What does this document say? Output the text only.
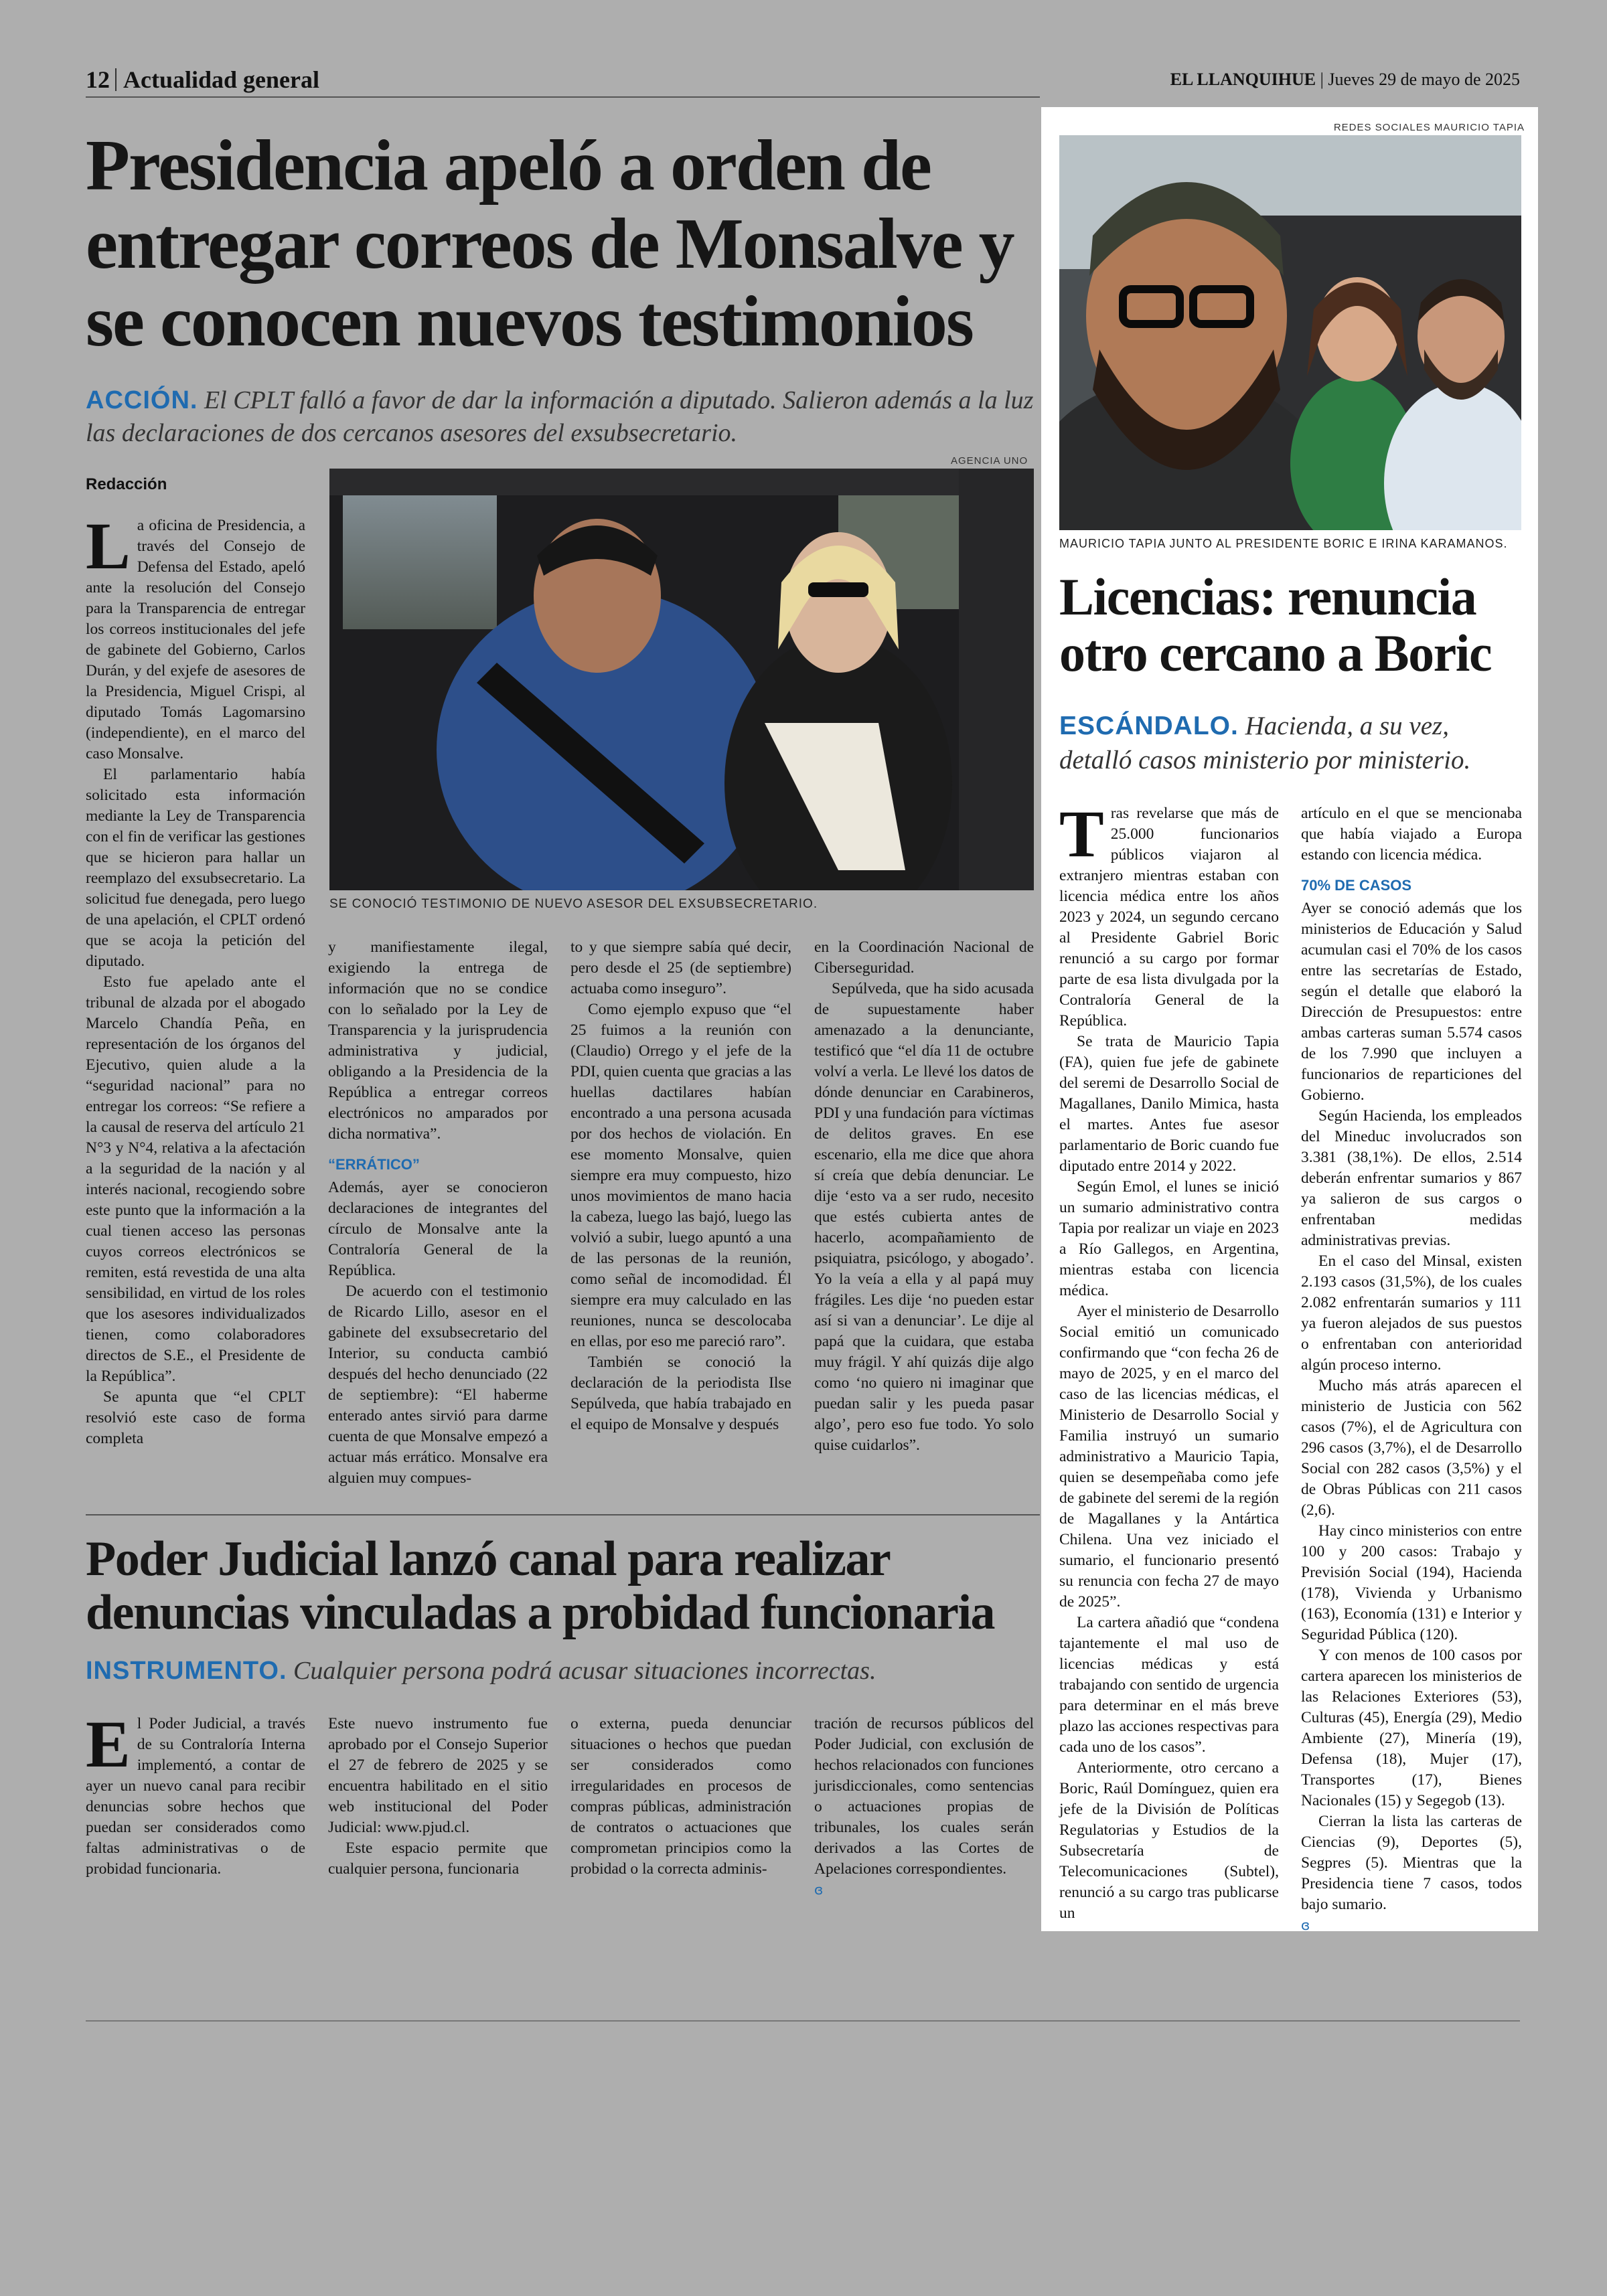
12 Actualidad general	EL LLANQUIHUE | Jueves 29 de mayo de 2025
Presidencia apeló a orden de entregar correos de Monsalve y se conocen nuevos testimonios
ACCIÓN. El CPLT falló a favor de dar la información a diputado. Salieron además a la luz las declaraciones de dos cercanos asesores del exsubsecretario.
Redacción
AGENCIA UNO
SE CONOCIÓ TESTIMONIO DE NUEVO ASESOR DEL EXSUBSECRETARIO.
L a oficina de Presidencia, a través del Consejo de Defensa del Estado, apeló ante la resolución del Consejo para la Transparencia de entregar los correos institucionales del jefe de gabinete del Gobierno, Carlos Durán, y del exjefe de asesores de la Presidencia, Miguel Crispi, al diputado Tomás Lagomarsino (independiente), en el marco del caso Monsalve.

El parlamentario había solicitado esta información mediante la Ley de Transparencia con el fin de verificar las gestiones que se hicieron para hallar un reemplazo del exsubsecretario. La solicitud fue denegada, pero luego de una apelación, el CPLT ordenó que se acoja la petición del diputado.

Esto fue apelado ante el tribunal de alzada por el abogado Marcelo Chandía Peña, en representación de los órganos del Ejecutivo, quien alude a la “seguridad nacional” para no entregar los correos: “Se refiere a la causal de reserva del artículo 21 N°3 y N°4, relativa a la afectación a la seguridad de la nación y al interés nacional, recogiendo sobre este punto que la información a la cual tienen acceso las personas cuyos correos electrónicos se remiten, está revestida de una alta sensibilidad, en virtud de los roles que los asesores individualizados tienen, como colaboradores directos de S.E., el Presidente de la República”.

Se apunta que “el CPLT resolvió este caso de forma completa

y manifiestamente ilegal, exigiendo la entrega de información que no se condice con lo señalado por la Ley de Transparencia y la jurisprudencia administrativa y judicial, obligando a la Presidencia de la República a entregar correos electrónicos no amparados por dicha normativa”.

“ERRÁTICO”

Además, ayer se conocieron declaraciones de integrantes del círculo de Monsalve ante la Contraloría General de la República.

De acuerdo con el testimonio de Ricardo Lillo, asesor en el gabinete del exsubsecretario del Interior, su conducta cambió después del hecho denunciado (22 de septiembre): “El haberme enterado antes sirvió para darme cuenta de que Monsalve empezó a actuar más errático. Monsalve era alguien muy compues-

to y que siempre sabía qué decir, pero desde el 25 (de septiembre) actuaba como inseguro”.

Como ejemplo expuso que “el 25 fuimos a la reunión con (Claudio) Orrego y el jefe de la PDI, quien cuenta que gracias a las huellas dactilares habían encontrado a una persona acusada por dos hechos de violación. En ese momento Monsalve, quien siempre era muy compuesto, hizo unos movimientos de mano hacia la cabeza, luego las bajó, luego las volvió a subir, luego apuntó a una de las personas de la reunión, como señal de incomodidad. Él siempre era muy calculado en las reuniones, nunca se descolocaba en ellas, por eso me pareció raro”.

También se conoció la declaración de la periodista Ilse Sepúlveda, que había trabajado en el equipo de Monsalve y después

en la Coordinación Nacional de Ciberseguridad.

Sepúlveda, que ha sido acusada de supuestamente haber amenazado a la denunciante, testificó que “el día 11 de octubre volví a verla. Le llevé los datos de dónde denunciar en Carabineros, PDI y una fundación para víctimas de delitos graves. En ese escenario, ella me dice que ahora sí creía que debía denunciar. Le dije ‘esto va a ser rudo, necesito que estés cubierta antes de hacerlo, acompañamiento de psiquiatra, psicólogo, y abogado’. Yo la veía a ella y al papá muy frágiles. Les dije ‘no pueden estar así si van a denunciar’. Le dije al papá que la cuidara, que estaba muy frágil. Y ahí quizás dije algo como ‘no quiero ni imaginar que puedan salir y les pueda pasar algo’, pero eso fue todo. Yo solo quise cuidarlos”.

Poder Judicial lanzó canal para realizar denuncias vinculadas a probidad funcionaria
INSTRUMENTO. Cualquier persona podrá acusar situaciones incorrectas.
E l Poder Judicial, a través de su Contraloría Interna implementó, a contar de ayer un nuevo canal para recibir denuncias sobre hechos que puedan ser considerados como faltas administrativas o de probidad funcionaria.

Este nuevo instrumento fue aprobado por el Consejo Superior el 27 de febrero de 2025 y se encuentra habilitado en el sitio web institucional del Poder Judicial: www.pjud.cl.

Este espacio permite que cualquier persona, funcionaria

o externa, pueda denunciar situaciones o hechos que puedan ser considerados como irregularidades en procesos de compras públicas, administración de contratos o actuaciones que comprometan principios como la probidad o la correcta adminis-

tración de recursos públicos del Poder Judicial, con exclusión de hechos relacionados con funciones jurisdiccionales, como sentencias o actuaciones propias de tribunales, los cuales serán derivados a las Cortes de Apelaciones correspondientes.

ɞ
REDES SOCIALES MAURICIO TAPIA
MAURICIO TAPIA JUNTO AL PRESIDENTE BORIC E IRINA KARAMANOS.
Licencias: renuncia otro cercano a Boric
ESCÁNDALO. Hacienda, a su vez, detalló casos ministerio por ministerio.
T ras revelarse que más de 25.000 funcionarios públicos viajaron al extranjero mientras estaban con licencia médica entre los años 2023 y 2024, un segundo cercano al Presidente Gabriel Boric renunció a su cargo por formar parte de esa lista divulgada por la Contraloría General de la República.

Se trata de Mauricio Tapia (FA), quien fue jefe de gabinete del seremi de Desarrollo Social de Magallanes, Danilo Mimica, hasta el martes. Antes fue asesor parlamentario de Boric cuando fue diputado entre 2014 y 2022.

Según Emol, el lunes se inició un sumario administrativo contra Tapia por realizar un viaje en 2023 a Río Gallegos, en Argentina, mientras estaba con licencia médica.

Ayer el ministerio de Desarrollo Social emitió un comunicado confirmando que “con fecha 26 de mayo de 2025, y en el marco del caso de las licencias médicas, el Ministerio de Desarrollo Social y Familia instruyó un sumario administrativo a Mauricio Tapia, quien se desempeñaba como jefe de gabinete del seremi de la región de Magallanes y la Antártica Chilena. Una vez iniciado el sumario, el funcionario presentó su renuncia con fecha 27 de mayo de 2025”.

La cartera añadió que “condena tajantemente el mal uso de licencias médicas y está trabajando con sentido de urgencia para determinar en el más breve plazo las acciones respectivas para cada uno de los casos”.

Anteriormente, otro cercano a Boric, Raúl Domínguez, quien era jefe de la División de Políticas Regulatorias y Estudios de la Subsecretaría de Telecomunicaciones (Subtel), renunció a su cargo tras publicarse un

artículo en el que se mencionaba que había viajado a Europa estando con licencia médica.

70% DE CASOS

Ayer se conoció además que los ministerios de Educación y Salud acumulan casi el 70% de los casos entre las secretarías de Estado, según el detalle que elaboró la Dirección de Presupuestos: entre ambas carteras suman 5.574 casos de los 7.990 que incluyen a funcionarios de reparticiones del Gobierno.

Según Hacienda, los empleados del Mineduc involucrados son 3.381 (38,1%). De ellos, 2.514 deberán enfrentar sumarios y 867 ya salieron de sus cargos o enfrentaban medidas administrativas previas.

En el caso del Minsal, existen 2.193 casos (31,5%), de los cuales 2.082 enfrentarán sumarios y 111 ya fueron alejados de sus puestos o enfrentaban con anterioridad algún proceso interno.

Mucho más atrás aparecen el ministerio de Justicia con 562 casos (7%), el de Agricultura con 296 casos (3,7%), el de Desarrollo Social con 282 casos (3,5%) y el de Obras Públicas con 211 casos (2,6).

Hay cinco ministerios con entre 100 y 200 casos: Trabajo y Previsión Social (194), Hacienda (178), Vivienda y Urbanismo (163), Economía (131) e Interior y Seguridad Pública (120).

Y con menos de 100 casos por cartera aparecen los ministerios de las Relaciones Exteriores (53), Culturas (45), Energía (29), Medio Ambiente (27), Minería (19), Defensa (18), Mujer (17), Transportes (17), Bienes Nacionales (15) y Segegob (13).

Cierran la lista las carteras de Ciencias (9), Deportes (5), Segpres (5). Mientras que la Presidencia tiene 7 casos, todos bajo sumario.

ɞ
